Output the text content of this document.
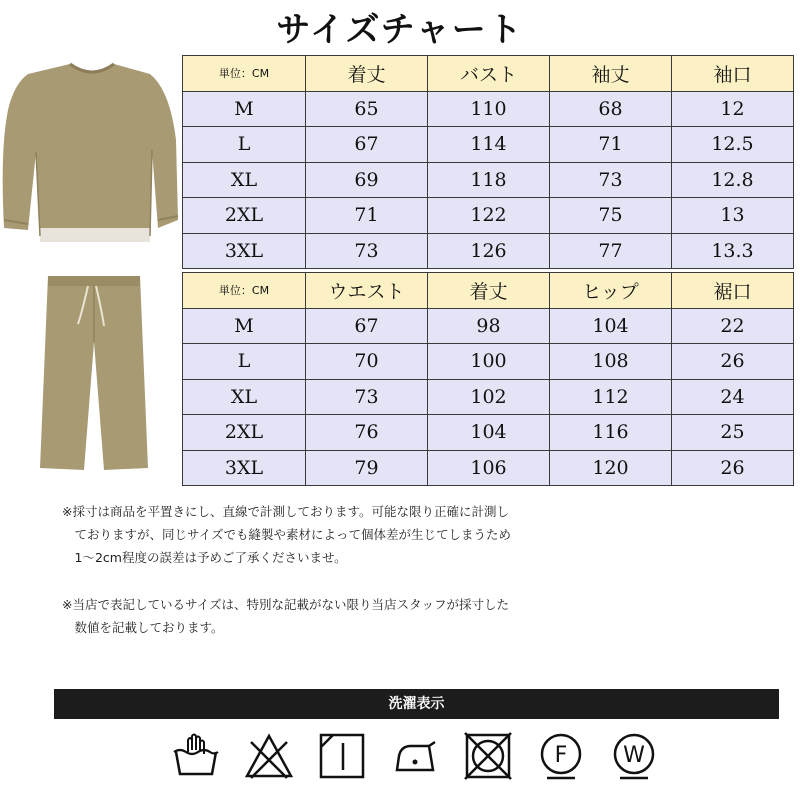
サイズチャート
単位：CM	着丈	バスト	袖丈	袖口
M	65	110	68	12
L	67	114	71	12.5
XL	69	118	73	12.8
2XL	71	122	75	13
3XL	73	126	77	13.3
単位：CM	ウエスト	着丈	ヒップ	裾口
M	67	98	104	22
L	70	100	108	26
XL	73	102	112	24
2XL	76	104	116	25
3XL	79	106	120	26

※採寸は商品を平置きにし、直線で計測しております。可能な限り正確に計測し

　ておりますが、同じサイズでも縫製や素材によって個体差が生じてしまうため

　1〜2cm程度の誤差は予めご了承くださいませ。

※当店で表記しているサイズは、特別な記載がない限り当店スタッフが採寸した

　数値を記載しております。

洗濯表示
F	W
